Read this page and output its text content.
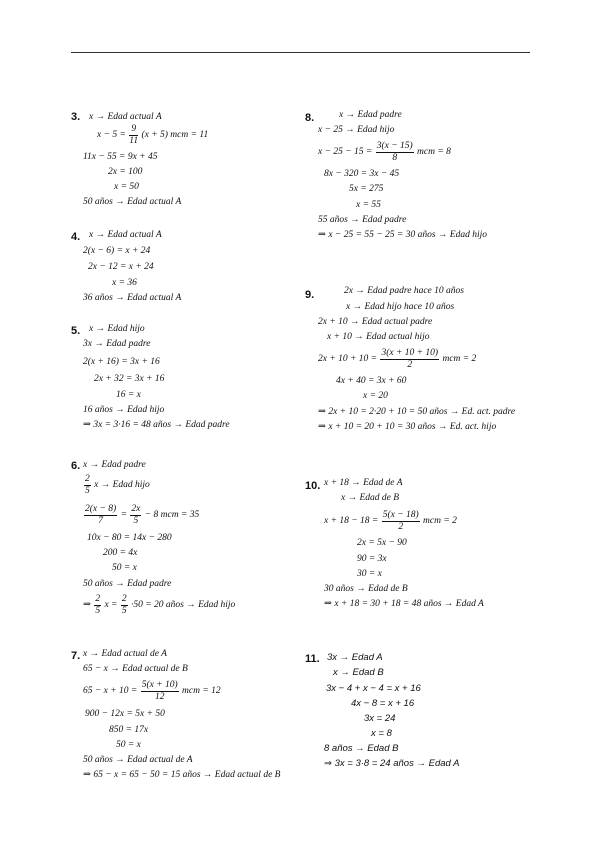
3. x → Edad actual A
$x - 5 = \frac{9}{11} (x + 5)$ mcm = 11
11x − 55 = 9x + 45
2x = 100
x = 50
50 años → Edad actual A
4. x → Edad actual A
2(x − 6) = x + 24
2x − 12 = x + 24
x = 36
36 años → Edad actual A
5. x → Edad hijo
3x → Edad padre
2(x + 16) = 3x + 16
2x + 32 = 3x + 16
16 = x
16 años → Edad hijo
⇒ 3x = 3·16 = 48 años → Edad padre
6. x → Edad padre
$\frac{2}{5}$ x → Edad hijo
$\frac{2(x - 8)}{7} = \frac{2x}{5} - 8$ mcm = 35
10x − 80 = 14x − 280
200 = 4x
50 = x
50 años → Edad padre
⇒ $\frac{2}{5}$ $x = \frac{2}{5} \cdot 50 = 20$ años → Edad hijo
7. x → Edad actual de A
65 − x → Edad actual de B
$65 - x + 10 = \frac{5(x + 10)}{12}$ mcm = 12
900 − 12x = 5x + 50
850 = 17x
50 = x
50 años → Edad actual de A
⇒ 65 − x = 65 − 50 = 15 años → Edad actual de B
8.	x → Edad padre
x − 25 → Edad hijo
$x - 25 - 15 = \frac{3(x - 15)}{8}$ mcm = 8
8x − 320 = 3x − 45
5x = 275
x = 55
55 años → Edad padre
⇒ x − 25 = 55 − 25 = 30 años → Edad hijo
9.	2x → Edad padre hace 10 años
x → Edad hijo hace 10 años
2x + 10 → Edad actual padre
x + 10 → Edad actual hijo
$2x + 10 + 10 = \frac{3(x + 10 + 10)}{2}$ mcm = 2
4x + 40 = 3x + 60
x = 20
⇒ 2x + 10 = 2·20 + 10 = 50 años → Ed. act. padre
⇒ x + 10 = 20 + 10 = 30 años → Ed. act. hijo
10. x + 18 → Edad de A
x → Edad de B
$x + 18 - 18 = \frac{5(x - 18)}{2}$ mcm = 2
2x = 5x − 90
90 = 3x
30 = x
30 años → Edad de B
⇒ x + 18 = 30 + 18 = 48 años → Edad A
11. 3x → Edad A
x → Edad B
3x − 4 + x − 4 = x + 16
4x − 8 = x + 16
3x = 24
x = 8
8 años → Edad B
⇒ 3x = 3·8 = 24 años → Edad A
